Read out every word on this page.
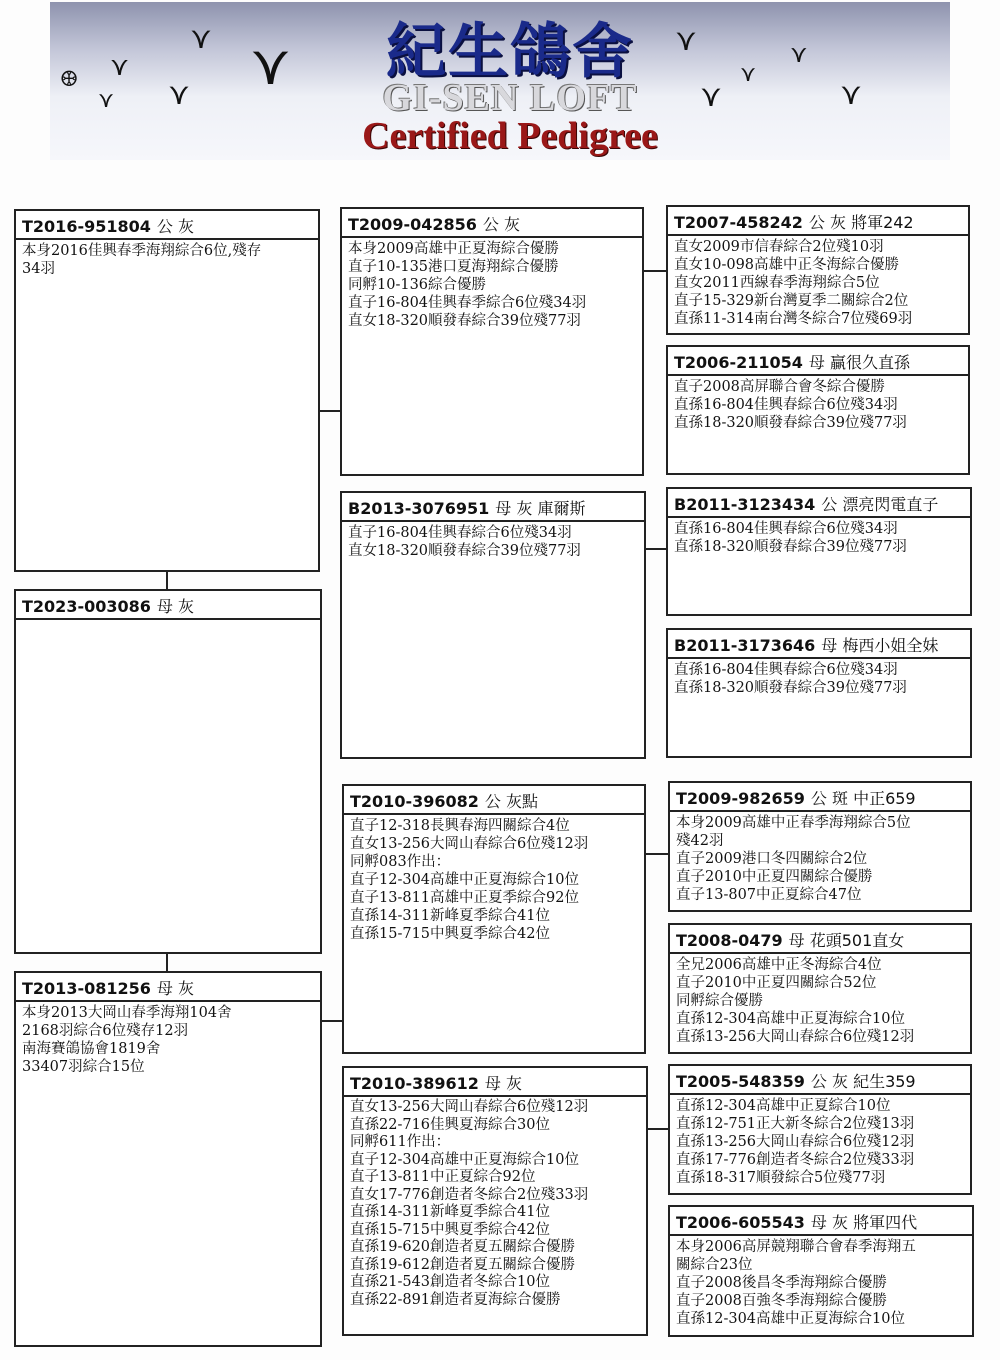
𐃏 ⋎
⋎ ⋎
⋎ ⋎	⋎
⋎
⋎
⋎
⋎
紀生鴿舍
GI-SEN LOFT
Certified Pedigree
T2016-951804 公 灰
本身2016佳興春季海翔綜合6位,殘存
34羽
T2023-003086 母 灰
T2013-081256 母 灰
本身2013大岡山春季海翔104舍
2168羽綜合6位殘存12羽
南海賽鴿協會1819舍
33407羽綜合15位
T2009-042856 公 灰
本身2009高雄中正夏海綜合優勝
直子10-135港口夏海翔綜合優勝
同孵10-136綜合優勝
直子16-804佳興春季綜合6位殘34羽
直女18-320順發春綜合39位殘77羽
B2013-3076951 母 灰 庫爾斯
直子16-804佳興春綜合6位殘34羽
直女18-320順發春綜合39位殘77羽
T2010-396082 公 灰點
直子12-318長興春海四關綜合4位
直女13-256大岡山春綜合6位殘12羽
同孵083作出：
直子12-304高雄中正夏海綜合10位
直子13-811高雄中正夏季綜合92位
直孫14-311新峰夏季綜合41位
直孫15-715中興夏季綜合42位
T2010-389612 母 灰
直女13-256大岡山春綜合6位殘12羽
直孫22-716佳興夏海綜合30位
同孵611作出：
直子12-304高雄中正夏海綜合10位
直子13-811中正夏綜合92位
直女17-776創造者冬綜合2位殘33羽
直孫14-311新峰夏季綜合41位
直孫15-715中興夏季綜合42位
直孫19-620創造者夏五關綜合優勝
直孫19-612創造者夏五關綜合優勝
直孫21-543創造者冬綜合10位
直孫22-891創造者夏海綜合優勝
T2007-458242 公 灰 將軍242
直女2009市信春綜合2位殘10羽
直女10-098高雄中正冬海綜合優勝
直女2011西線春季海翔綜合5位
直子15-329新台灣夏季二關綜合2位
直孫11-314南台灣冬綜合7位殘69羽
T2006-211054 母 贏很久直孫
直子2008高屏聯合會冬綜合優勝
直孫16-804佳興春綜合6位殘34羽
直孫18-320順發春綜合39位殘77羽
B2011-3123434 公 漂亮閃電直子
直孫16-804佳興春綜合6位殘34羽
直孫18-320順發春綜合39位殘77羽
B2011-3173646 母 梅西小姐全妹
直孫16-804佳興春綜合6位殘34羽
直孫18-320順發春綜合39位殘77羽
T2009-982659 公 斑 中正659
本身2009高雄中正春季海翔綜合5位
殘42羽
直子2009港口冬四關綜合2位
直子2010中正夏四關綜合優勝
直子13-807中正夏綜合47位
T2008-0479 母 花頭501直女
全兄2006高雄中正冬海綜合4位
直子2010中正夏四關綜合52位
同孵綜合優勝
直孫12-304高雄中正夏海綜合10位
直孫13-256大岡山春綜合6位殘12羽
T2005-548359 公 灰 紀生359
直孫12-304高雄中正夏綜合10位
直孫12-751正大新冬綜合2位殘13羽
直孫13-256大岡山春綜合6位殘12羽
直孫17-776創造者冬綜合2位殘33羽
直孫18-317順發綜合5位殘77羽
T2006-605543 母 灰 將軍四代
本身2006高屏競翔聯合會春季海翔五
關綜合23位
直子2008後昌冬季海翔綜合優勝
直子2008百強冬季海翔綜合優勝
直孫12-304高雄中正夏海綜合10位
